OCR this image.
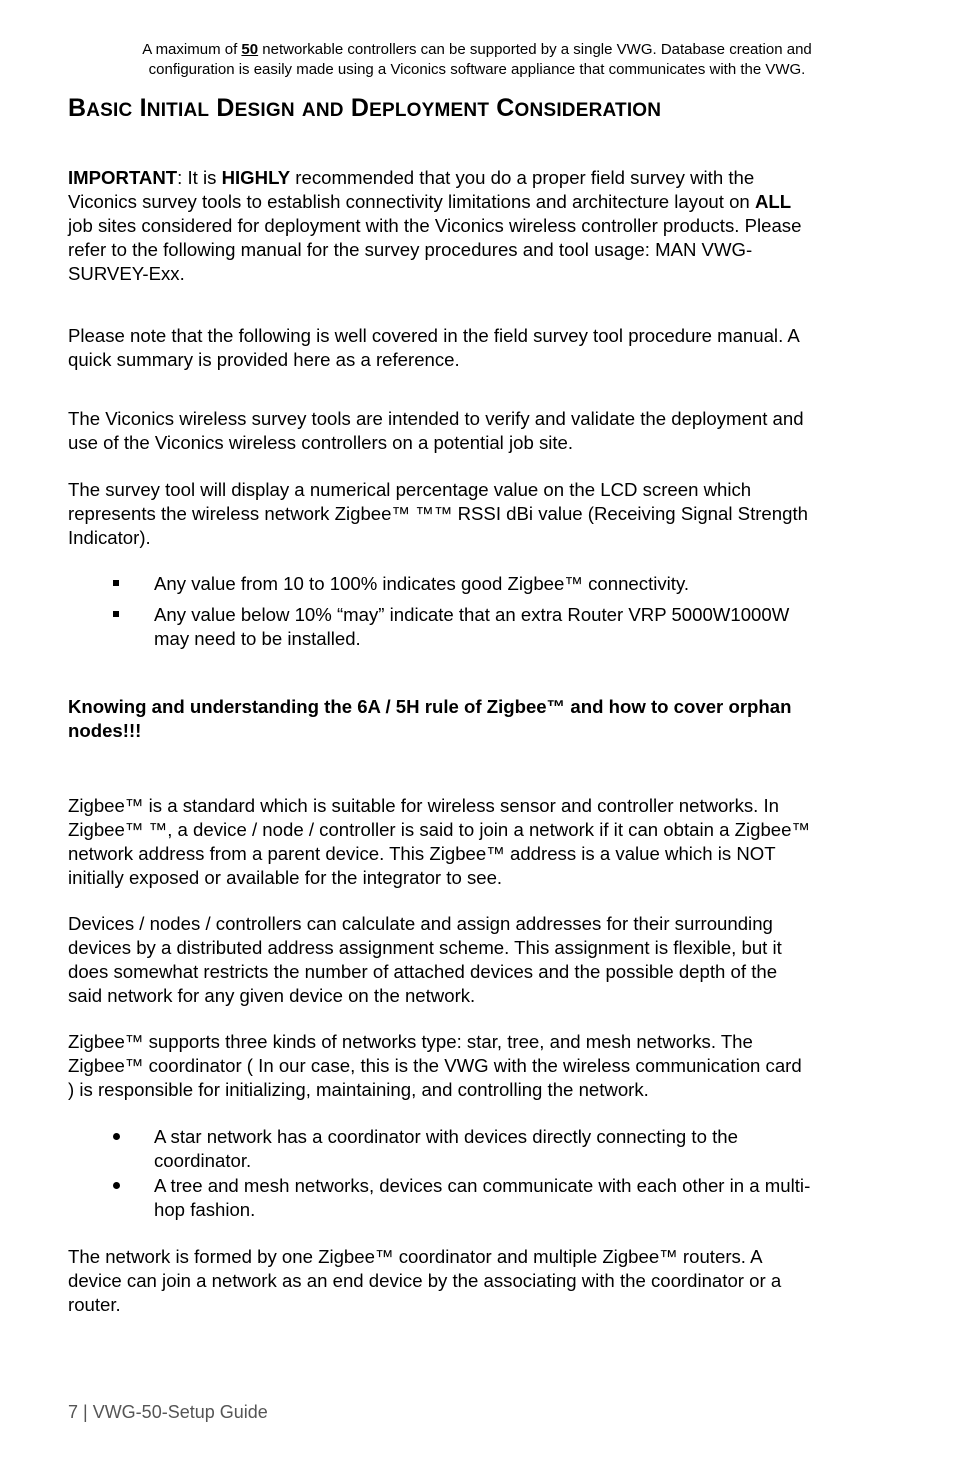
A maximum of 50 networkable controllers can be supported by a single VWG. Database creation and
configuration is easily made using a Viconics software appliance that communicates with the VWG.
BASIC INITIAL DESIGN AND DEPLOYMENT CONSIDERATION
IMPORTANT: It is HIGHLY recommended that you do a proper field survey with the
Viconics survey tools to establish connectivity limitations and architecture layout on ALL
job sites considered for deployment with the Viconics wireless controller products. Please
refer to the following manual for the survey procedures and tool usage: MAN VWG-
SURVEY-Exx.
Please note that the following is well covered in the field survey tool procedure manual. A
quick summary is provided here as a reference.
The Viconics wireless survey tools are intended to verify and validate the deployment and
use of the Viconics wireless controllers on a potential job site.
The survey tool will display a numerical percentage value on the LCD screen which
represents the wireless network Zigbee™ ™™ RSSI dBi value (Receiving Signal Strength
Indicator).
Any value from 10 to 100% indicates good Zigbee™ connectivity.
Any value below 10% “may” indicate that an extra Router VRP 5000W1000W
may need to be installed.
Knowing and understanding the 6A / 5H rule of Zigbee™ and how to cover orphan
nodes!!!
Zigbee™ is a standard which is suitable for wireless sensor and controller networks. In
Zigbee™ ™, a device / node / controller is said to join a network if it can obtain a Zigbee™
network address from a parent device. This Zigbee™ address is a value which is NOT
initially exposed or available for the integrator to see.
Devices / nodes / controllers can calculate and assign addresses for their surrounding
devices by a distributed address assignment scheme. This assignment is flexible, but it
does somewhat restricts the number of attached devices and the possible depth of the
said network for any given device on the network.
Zigbee™ supports three kinds of networks type: star, tree, and mesh networks. The
Zigbee™ coordinator ( In our case, this is the VWG with the wireless communication card
) is responsible for initializing, maintaining, and controlling the network.
A star network has a coordinator with devices directly connecting to the
coordinator.
A tree and mesh networks, devices can communicate with each other in a multi-
hop fashion.
The network is formed by one Zigbee™ coordinator and multiple Zigbee™ routers. A
device can join a network as an end device by the associating with the coordinator or a
router.
7 | VWG-50-Setup Guide
